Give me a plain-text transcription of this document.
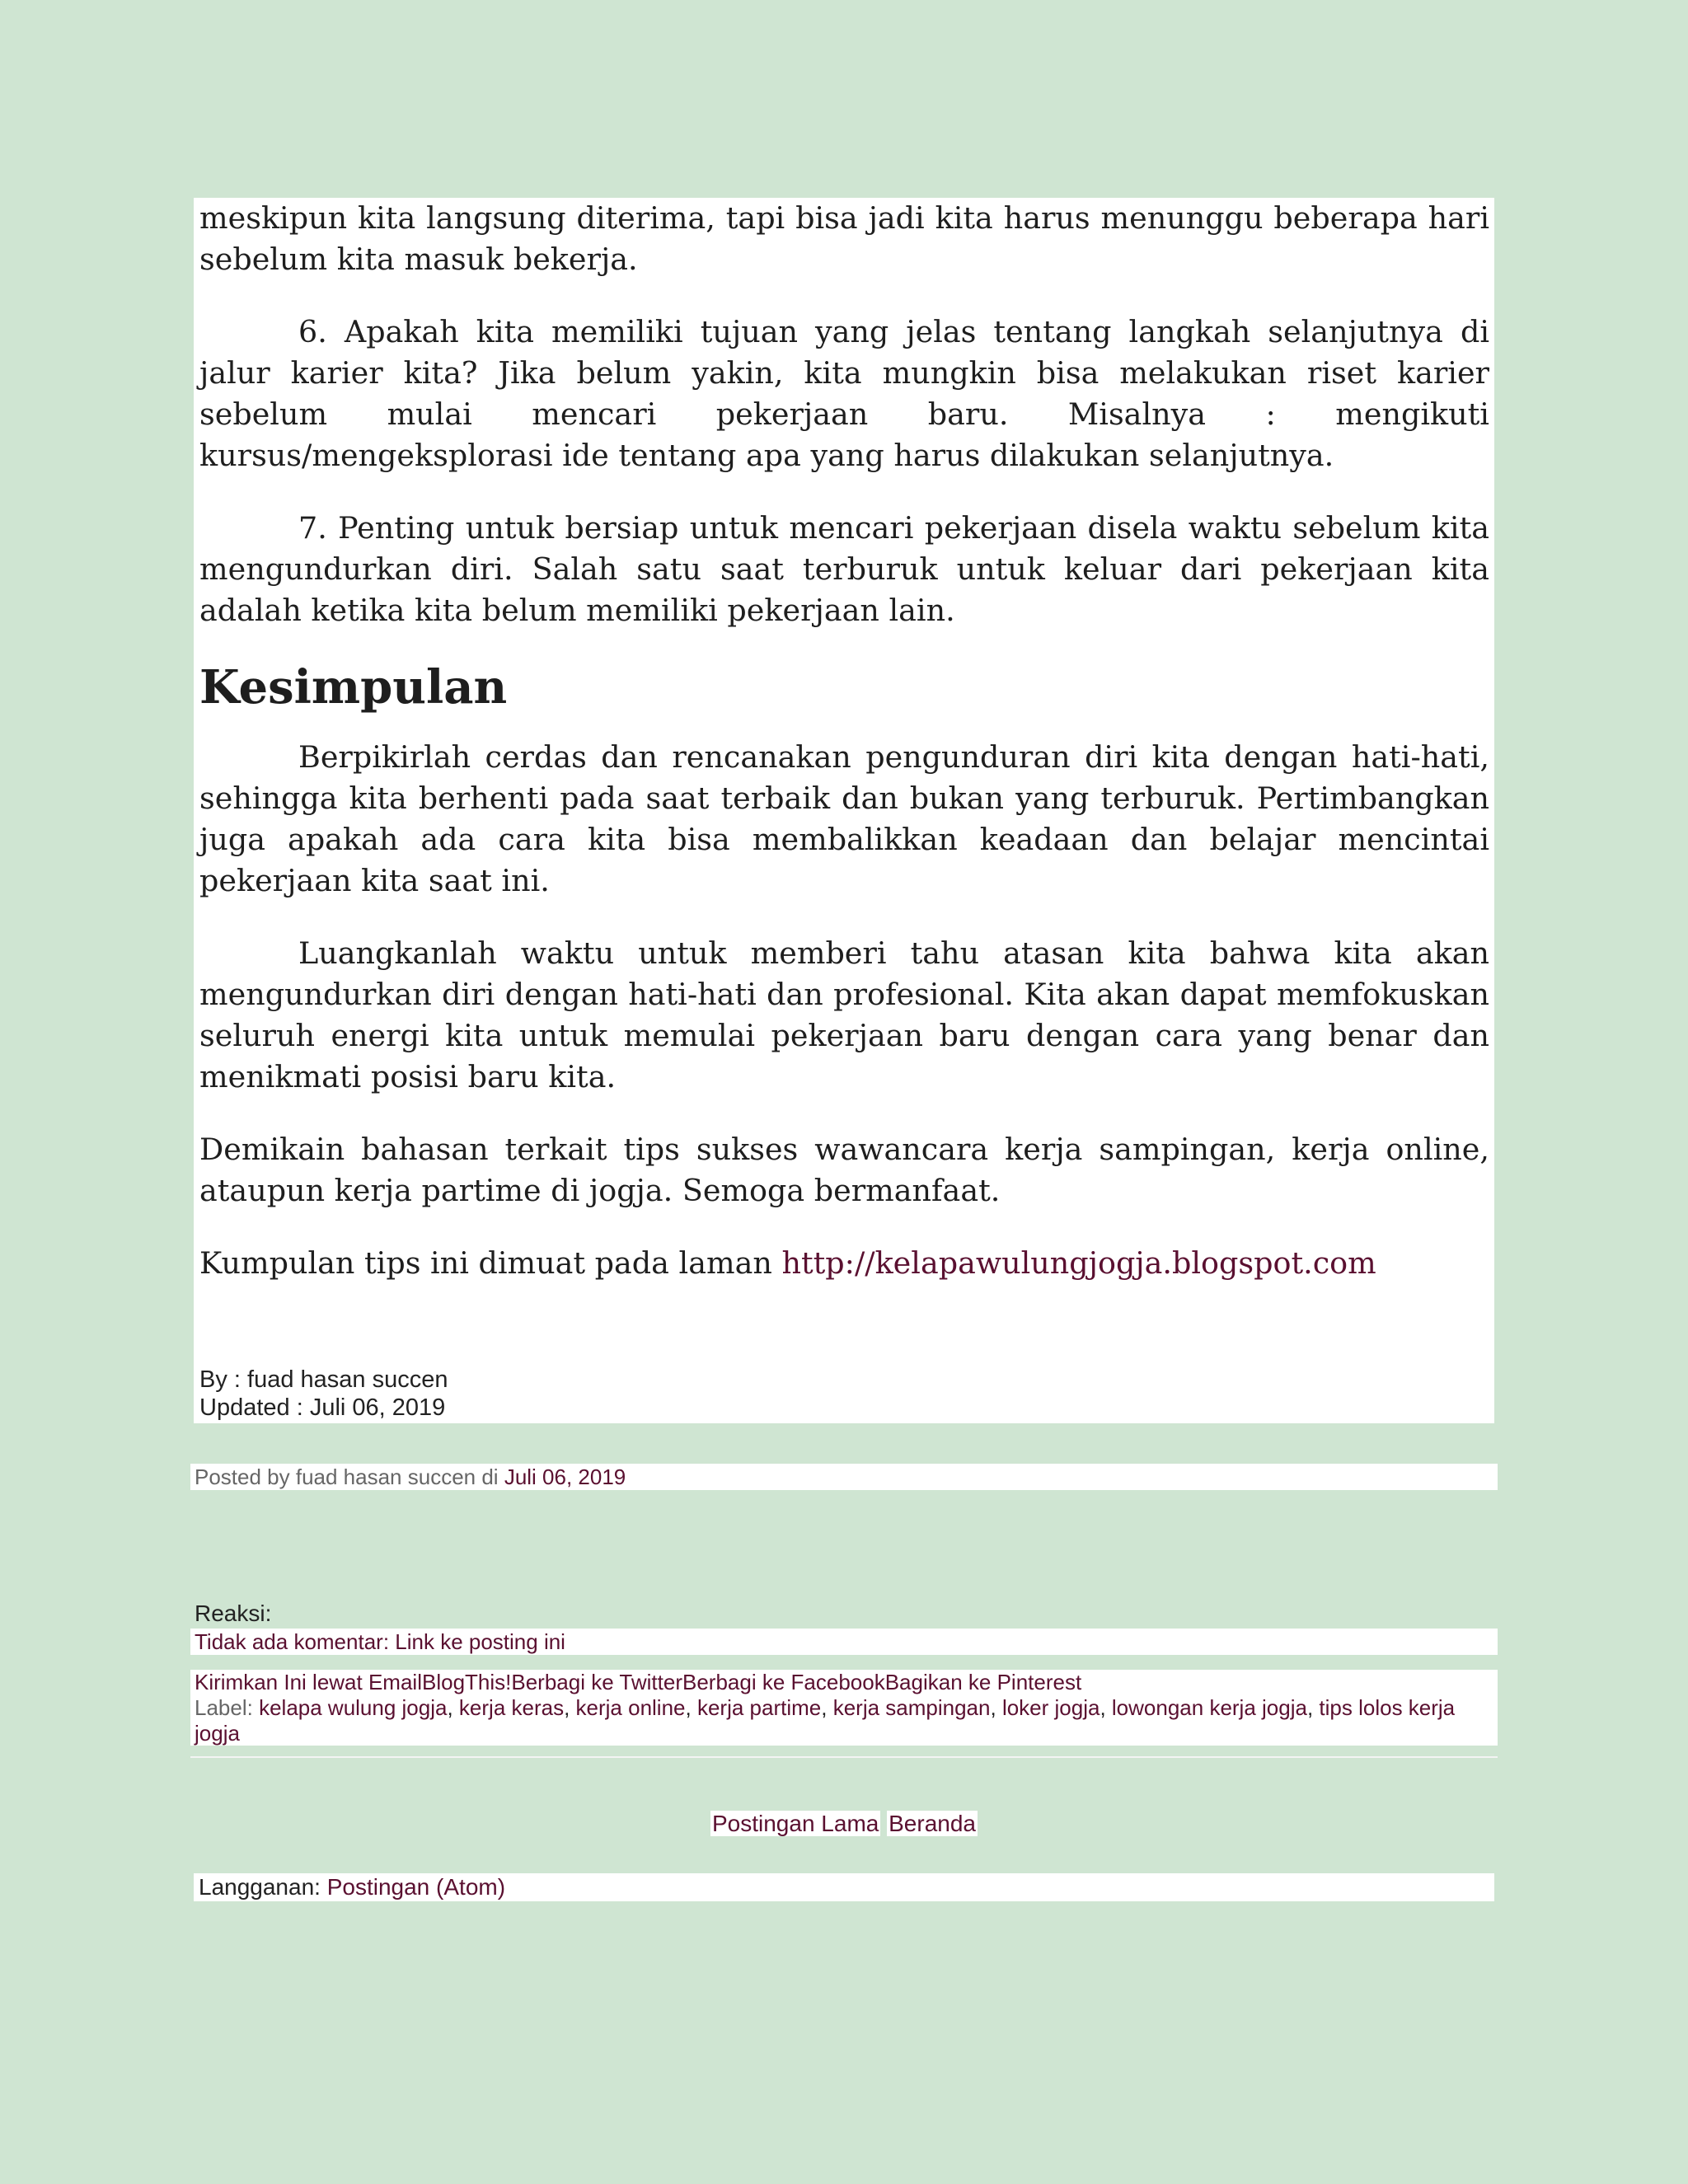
meskipun kita langsung diterima, tapi bisa jadi kita harus menunggu beberapa hari sebelum kita masuk bekerja.

6. Apakah kita memiliki tujuan yang jelas tentang langkah selanjutnya di jalur karier kita? Jika belum yakin, kita mungkin bisa melakukan riset karier sebelum mulai mencari pekerjaan baru. Misalnya : mengikuti kursus/mengeksplorasi ide tentang apa yang harus dilakukan selanjutnya.

7. Penting untuk bersiap untuk mencari pekerjaan disela waktu sebelum kita mengundurkan diri. Salah satu saat terburuk untuk keluar dari pekerjaan kita adalah ketika kita belum memiliki pekerjaan lain.

Kesimpulan

Berpikirlah cerdas dan rencanakan pengunduran diri kita dengan hati-hati, sehingga kita berhenti pada saat terbaik dan bukan yang terburuk. Pertimbangkan juga apakah ada cara kita bisa membalikkan keadaan dan belajar mencintai pekerjaan kita saat ini.

Luangkanlah waktu untuk memberi tahu atasan kita bahwa kita akan mengundurkan diri dengan hati-hati dan profesional. Kita akan dapat memfokuskan seluruh energi kita untuk memulai pekerjaan baru dengan cara yang benar dan menikmati posisi baru kita.

Demikain bahasan terkait tips sukses wawancara kerja sampingan, kerja online, ataupun kerja partime di jogja. Semoga bermanfaat.

Kumpulan tips ini dimuat pada laman http://kelapawulungjogja.blogspot.com

By : fuad hasan succen
Updated : Juli 06, 2019
Posted by fuad hasan succen di Juli 06, 2019
Reaksi:
Tidak ada komentar: Link ke posting ini
Kirimkan Ini lewat EmailBlogThis!Berbagi ke TwitterBerbagi ke FacebookBagikan ke Pinterest
Label: kelapa wulung jogja, kerja keras, kerja online, kerja partime, kerja sampingan, loker jogja, lowongan kerja jogja, tips lolos kerja jogja
Postingan Lama Beranda
Langganan: Postingan (Atom)
